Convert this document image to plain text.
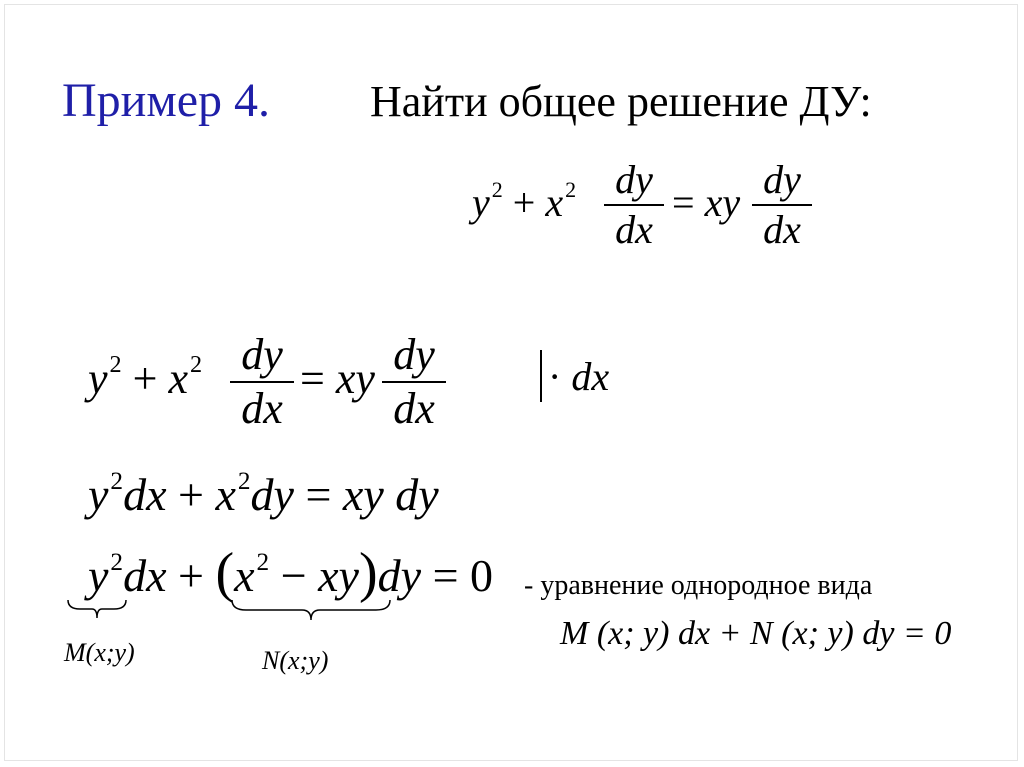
Пример 4. Найти общее решение ДУ:
$y^2 + x^2$ dy
dx
= xy
dy
dx
$y^2 + x^2$ dy
dx
= xy dy
dx
· dx
$y^2dx + x^2dy$ = xy dy
$y^2dx + (x^2 - xy)dy = 0$ - уравнение однородное вида
M (x; y) dx + N (x; y) dy = 0
M(x;y)	N(x;y)
